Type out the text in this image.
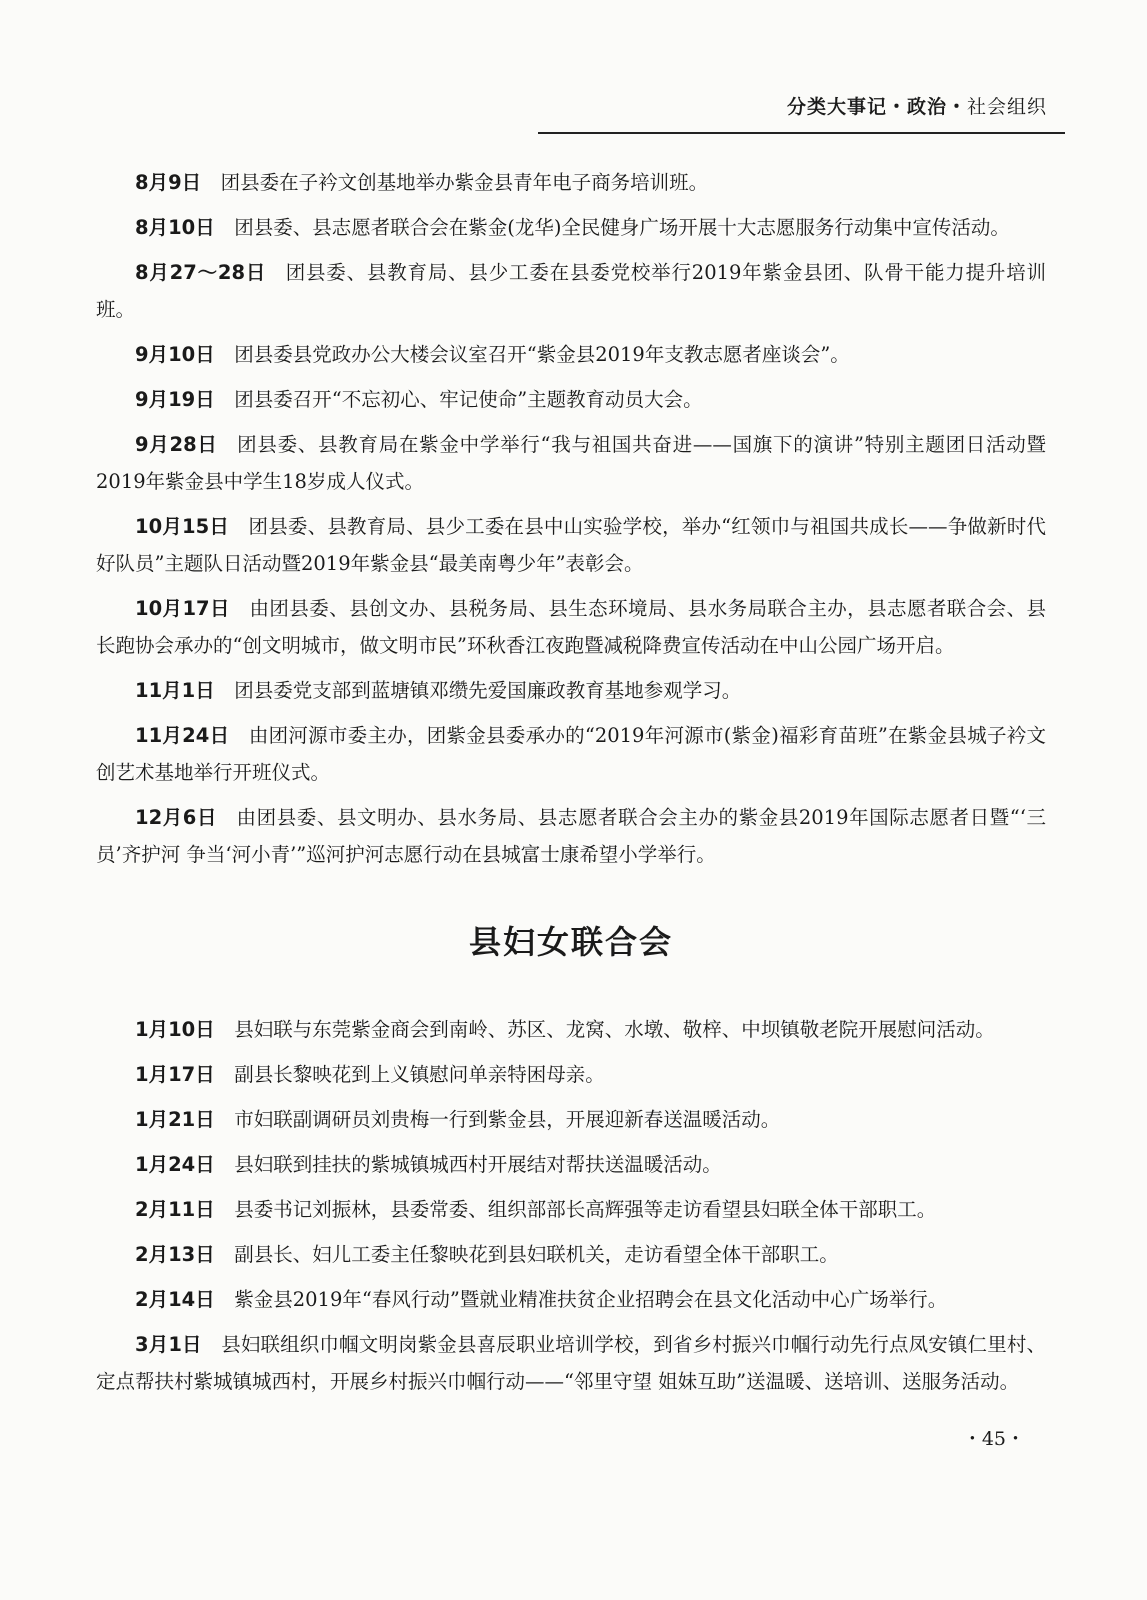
分类大事记・政治・社会组织

8月9日 团县委在子衿文创基地举办紫金县青年电子商务培训班。

8月10日 团县委、县志愿者联合会在紫金(龙华)全民健身广场开展十大志愿服务行动集中宣传活动。

8月27～28日 团县委、县教育局、县少工委在县委党校举行2019年紫金县团、队骨干能力提升培训班。

9月10日 团县委县党政办公大楼会议室召开“紫金县2019年支教志愿者座谈会”。

9月19日 团县委召开“不忘初心、牢记使命”主题教育动员大会。

9月28日 团县委、县教育局在紫金中学举行“我与祖国共奋进——国旗下的演讲”特别主题团日活动暨2019年紫金县中学生18岁成人仪式。

10月15日 团县委、县教育局、县少工委在县中山实验学校，举办“红领巾与祖国共成长——争做新时代好队员”主题队日活动暨2019年紫金县“最美南粤少年”表彰会。

10月17日 由团县委、县创文办、县税务局、县生态环境局、县水务局联合主办，县志愿者联合会、县长跑协会承办的“创文明城市，做文明市民”环秋香江夜跑暨减税降费宣传活动在中山公园广场开启。

11月1日 团县委党支部到蓝塘镇邓缵先爱国廉政教育基地参观学习。

11月24日 由团河源市委主办，团紫金县委承办的“2019年河源市(紫金)福彩育苗班”在紫金县城子衿文创艺术基地举行开班仪式。

12月6日 由团县委、县文明办、县水务局、县志愿者联合会主办的紫金县2019年国际志愿者日暨“‘三员’齐护河 争当‘河小青’”巡河护河志愿行动在县城富士康希望小学举行。

县妇女联合会

1月10日 县妇联与东莞紫金商会到南岭、苏区、龙窝、水墩、敬梓、中坝镇敬老院开展慰问活动。

1月17日 副县长黎映花到上义镇慰问单亲特困母亲。

1月21日 市妇联副调研员刘贵梅一行到紫金县，开展迎新春送温暖活动。

1月24日 县妇联到挂扶的紫城镇城西村开展结对帮扶送温暖活动。

2月11日 县委书记刘振林，县委常委、组织部部长高辉强等走访看望县妇联全体干部职工。

2月13日 副县长、妇儿工委主任黎映花到县妇联机关，走访看望全体干部职工。

2月14日 紫金县2019年“春风行动”暨就业精准扶贫企业招聘会在县文化活动中心广场举行。

3月1日 县妇联组织巾帼文明岗紫金县喜辰职业培训学校，到省乡村振兴巾帼行动先行点凤安镇仁里村、定点帮扶村紫城镇城西村，开展乡村振兴巾帼行动——“邻里守望 姐妹互助”送温暖、送培训、送服务活动。

・45・
